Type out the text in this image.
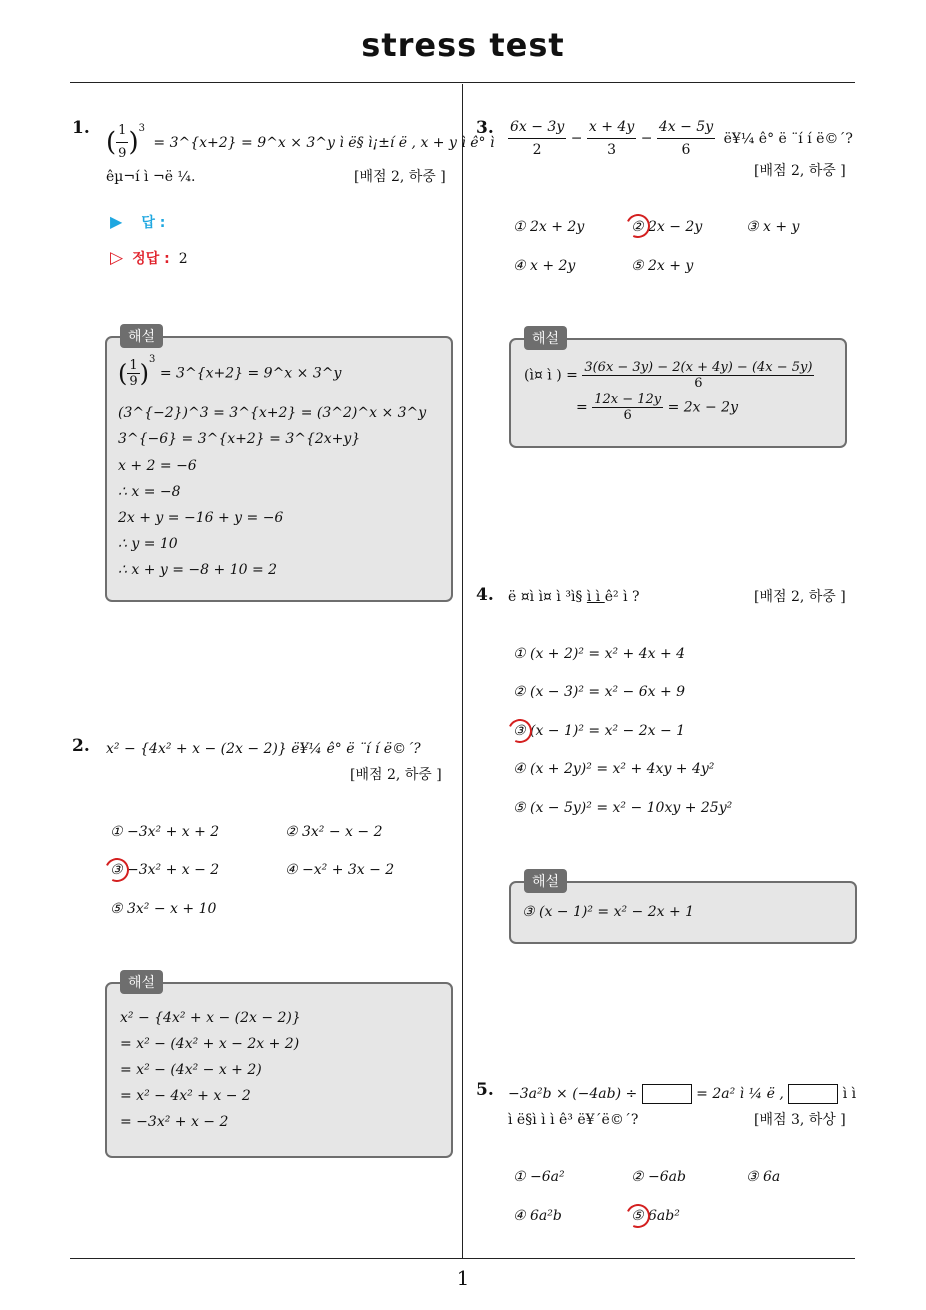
stress test
1
1. ( $\frac{1}{9} )^3$ = 3^{x+2} = 9^x × 3^y ì ë§ ì¡±í ë , x + y ì ê° ì
êµ¬í ì ¬ë ¼.	[배점 2, 하중 ]
▶ 답 :
▷ 정답 : 2
해설
( $\frac{1}{9} )^3$ = 3^{x+2} = 9^x × 3^y
(3^{−2})^3 = 3^{x+2} = (3^2)^x × 3^y
3^{−6} = 3^{x+2} = 3^{2x+y}
x + 2 = −6
∴ x = −8
2x + y = −16 + y = −6
∴ y = 10
∴ x + y = −8 + 10 = 2
2. x² − {4x² + x − (2x − 2)} ë¥¼ ê° ë ¨í í ë©´?
[배점 2, 하중 ]
① −3x² + x + 2	② 3x² − x − 2
③ −3x² + x − 2	④ −x² + 3x − 2
⑤ 3x² − x + 10
해설
x² − {4x² + x − (2x − 2)}
= x² − (4x² + x − 2x + 2)
= x² − (4x² − x + 2)
= x² − 4x² + x − 2
= −3x² + x − 2
3. $\frac{6x - 3y}{2} - \frac{x + 4y}{3} - \frac{4x - 5y}{6}$ ë¥¼ ê° ë ¨í í ë©´?
[배점 2, 하중 ]
① 2x + 2y	② 2x − 2y	③ x + y
④ x + 2y	⑤ 2x + y
해설
(ì¤ ì ) = $\frac{3(6x - 3y) - 2(x + 4y) - (4x - 5y)}{6}$
= $\frac{12x - 12y}{6} = 2x - 2y$
4. ë ¤ì ì¤ ì ³ì§ ì ì ê² ì ?	[배점 2, 하중 ]
① (x + 2)² = x² + 4x + 4
② (x − 3)² = x² − 6x + 9
③ (x − 1)² = x² − 2x − 1
④ (x + 2y)² = x² + 4xy + 4y²
⑤ (x − 5y)² = x² − 10xy + 25y²
해설
③ (x − 1)² = x² − 2x + 1
5. −3a²b × (−4ab) ÷	= 2a² ì ¼ ë ,	ì ì
ì ë§ì ì ì ê³ ë¥´ë©´?	[배점 3, 하상 ]
① −6a²	② −6ab	③ 6a
④ 6a²b	⑤ 6ab²
